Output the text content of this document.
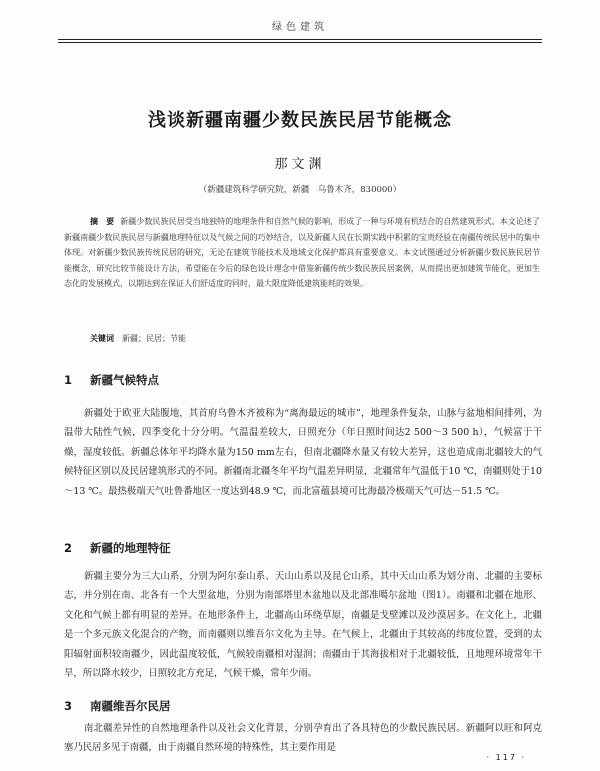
绿色建筑
浅谈新疆南疆少数民族民居节能概念
那文渊
（新疆建筑科学研究院，新疆　乌鲁木齐，830000）

摘　要 新疆少数民族民居受当地独特的地理条件和自然气候的影响，形成了一种与环境有机结合的自然建筑形式。本文论述了新疆南疆少数民族民居与新疆地理特征以及气候之间的巧妙结合，以及新疆人民在长期实践中积累的宝贵经验在南疆传统民居中的集中体现。对新疆少数民族传统民居的研究，无论在建筑节能技术及地域文化保护都具有重要意义。本文试图通过分析新疆少数民族民居节能概念，研究比较节能设计方法，希望能在今后的绿色设计理念中借鉴新疆传统少数民族民居案例，从而提出更加建筑节能化，更加生态化的发展模式，以期达到在保证人们舒适度的同时，最大限度降低建筑能耗的效果。

关键词 新疆；民居；节能
1 新疆气候特点

新疆处于欧亚大陆腹地，其首府乌鲁木齐被称为“离海最远的城市”，地理条件复杂，山脉与盆地相间排列，为温带大陆性气候，四季变化十分分明。气温温差较大，日照充分（年日照时间达2 500～3 500 h），气候富于干燥，湿度较低。新疆总体年平均降水量为150 mm左右，但南北疆降水量又有较大差异，这也造成南北疆较大的气候特征区别以及民居建筑形式的不同。新疆南北疆冬年平均气温差异明显，北疆常年气温低于10 ℃，南疆则处于10～13 ℃。最热极端天气吐鲁番地区一度达到48.9 ℃，而北富蕴县境可比海最冷极端天气可达－51.5 ℃。

2 新疆的地理特征

新疆主要分为三大山系，分别为阿尔泰山系、天山山系以及昆仑山系，其中天山山系为划分南、北疆的主要标志，并分别在南、北各有一个大型盆地，分别为南部塔里木盆地以及北部准噶尔盆地（图1）。南疆和北疆在地形、文化和气候上都有明显的差异。在地形条件上，北疆高山环绕草原，南疆是戈壁滩以及沙漠居多。在文化上，北疆是一个多元族文化混合的产物，而南疆则以维吾尔文化为主导。在气候上，北疆由于其较高的纬度位置，受到的太阳辐射面积较南疆少，因此温度较低，气候较南疆相对湿润；南疆由于其海拔相对于北疆较低，且地理环境常年干旱，所以降水较少，日照较北方充足，气候干燥，常年少雨。

3 南疆维吾尔民居

南北疆差异性的自然地理条件以及社会文化背景，分别孕育出了各具特色的少数民族民居。新疆阿以旺和阿克塞乃民居多见于南疆，由于南疆自然环境的特殊性，其主要作用是

· 117 ·
